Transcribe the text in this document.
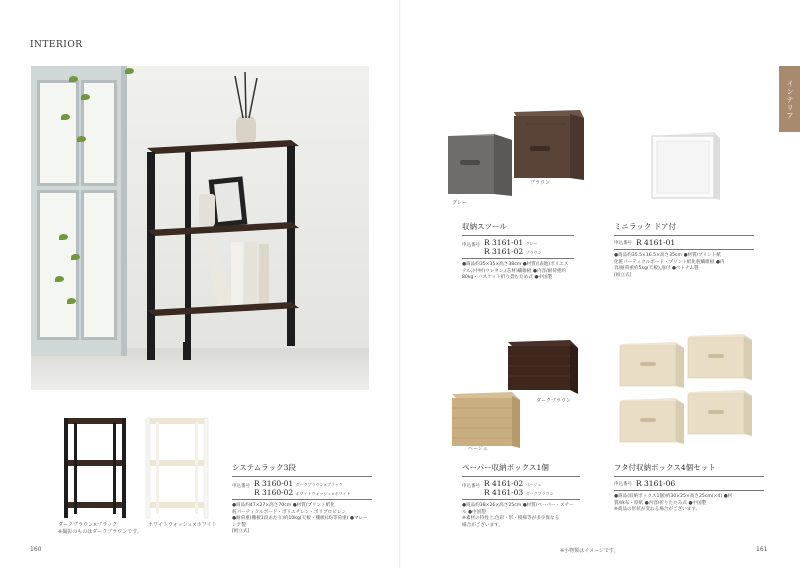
INTERIOR
インテリア
ダークブラウン×ブラック
※撮影のものはダークブラウンです。
ホワイトウォッシュ×ホワイト
システムラック3段
申込番号 R 3160-01 ダークブラウン×ブラック
R 3160-02 ホワイトウォッシュ×ホワイト
●商品約47×27×高さ70cm ●材質/プリント紙化
粧パーティクルボード・ポリエチレン・ポリプロピレン
●耐荷重(棚板1段あたり)約10kg(天板・棚板)(均等荷重) ●マレー
シア製
[組立式]
160
グレー
ブラウン
収納スツール
申込番号 R 3161-01 グレー
R 3161-02 ブラウン
●商品約35×35×高さ38cm ●材質/(表地)ポリエス
テル,(中材)ウレタン,(芯材)繊維板 ●内容/耐荷重約
80kg・バスケット折り畳むため式 ●中国製
ミニラック ドア付
申込番号 R 4161-01
●商品約35.5×16.5×高さ35cm ●材質/プリント紙
化粧パーティクルボード・プリント紙化粧繊維板 ●内
容/耐荷重約5kg(天板),扉付 ●ベトナム製
[組立式]
ダークブラウン
ベージュ
ペーパー収納ボックス1個
申込番号 R 4161-02 ベージュ
R 4161-03 ダークブラウン
●商品約38×26×高さ25cm ●材質/ペーパー・スチー
ル ●中国製
※素材の特性上,色彩・形・模様等が多少異なる
場合がございます。
フタ付収納ボックス4個セット
申込番号 R 3161-06
●商品(収納ボックス1個)約30×25×高さ25cm(×4) ●材
質/麻布・厚紙 ●内容/折りたたみ式 ●中国製
※商品の形状が変わる場合がございます。
※小物類はイメージです。	161
